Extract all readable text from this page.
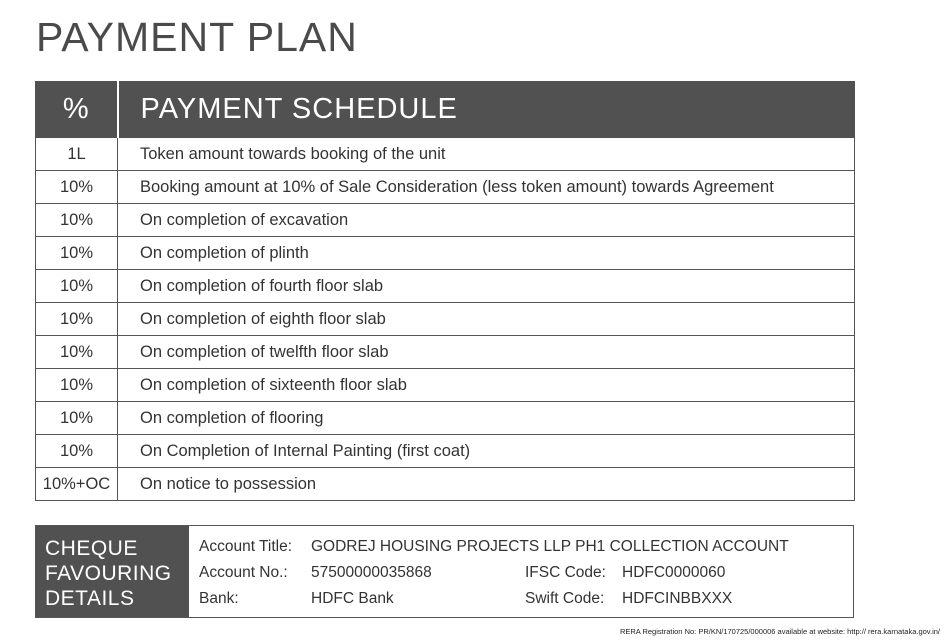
PAYMENT PLAN
%	PAYMENT SCHEDULE
1L	Token amount towards booking of the unit
10%	Booking amount at 10% of Sale Consideration (less token amount) towards Agreement
10%	On completion of excavation
10%	On completion of plinth
10%	On completion of fourth floor slab
10%	On completion of eighth floor slab
10%	On completion of twelfth floor slab
10%	On completion of sixteenth floor slab
10%	On completion of flooring
10%	On Completion of Internal Painting (first coat)
10%+OC	On notice to possession
CHEQUE
FAVOURING
DETAILS
Account Title: GODREJ HOUSING PROJECTS LLP PH1 COLLECTION ACCOUNT
Account No.: 57500000035868	IFSC Code: HDFC0000060
Bank:	HDFC Bank	Swift Code: HDFCINBBXXX
RERA Registration No: PR/KN/170725/000006 available at website: http:// rera.karnataka.gov.in/
